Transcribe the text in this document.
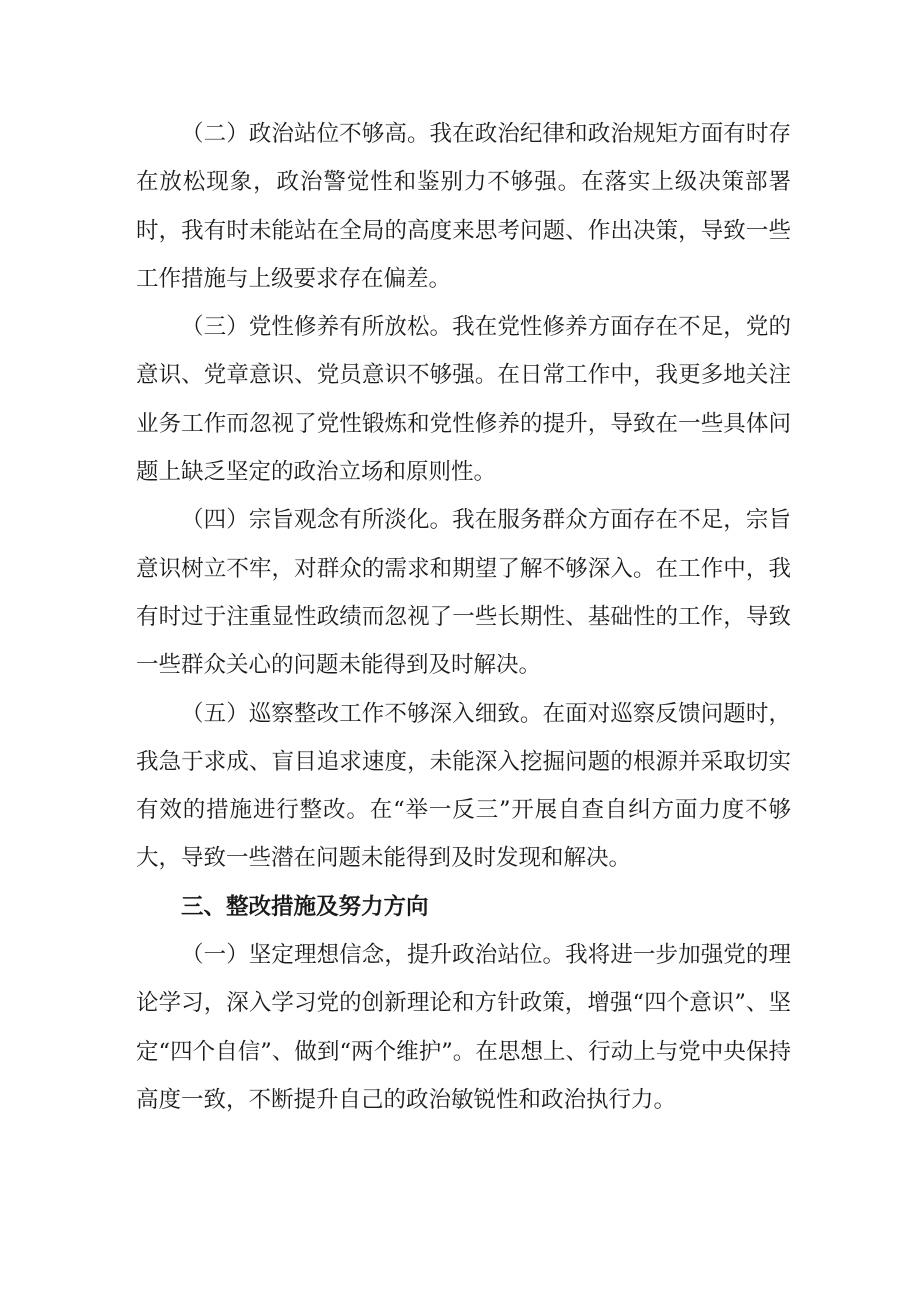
（二）政治站位不够高。我在政治纪律和政治规矩方面有时存在放松现象，政治警觉性和鉴别力不够强。在落实上级决策部署时，我有时未能站在全局的高度来思考问题、作出决策，导致一些工作措施与上级要求存在偏差。

（三）党性修养有所放松。我在党性修养方面存在不足，党的意识、党章意识、党员意识不够强。在日常工作中，我更多地关注业务工作而忽视了党性锻炼和党性修养的提升，导致在一些具体问题上缺乏坚定的政治立场和原则性。

（四）宗旨观念有所淡化。我在服务群众方面存在不足，宗旨意识树立不牢，对群众的需求和期望了解不够深入。在工作中，我有时过于注重显性政绩而忽视了一些长期性、基础性的工作，导致一些群众关心的问题未能得到及时解决。

（五）巡察整改工作不够深入细致。在面对巡察反馈问题时，我急于求成、盲目追求速度，未能深入挖掘问题的根源并采取切实有效的措施进行整改。在“举一反三”开展自查自纠方面力度不够大，导致一些潜在问题未能得到及时发现和解决。

三、整改措施及努力方向

（一）坚定理想信念，提升政治站位。我将进一步加强党的理论学习，深入学习党的创新理论和方针政策，增强“四个意识”、坚定“四个自信”、做到“两个维护”。在思想上、行动上与党中央保持高度一致，不断提升自己的政治敏锐性和政治执行力。
